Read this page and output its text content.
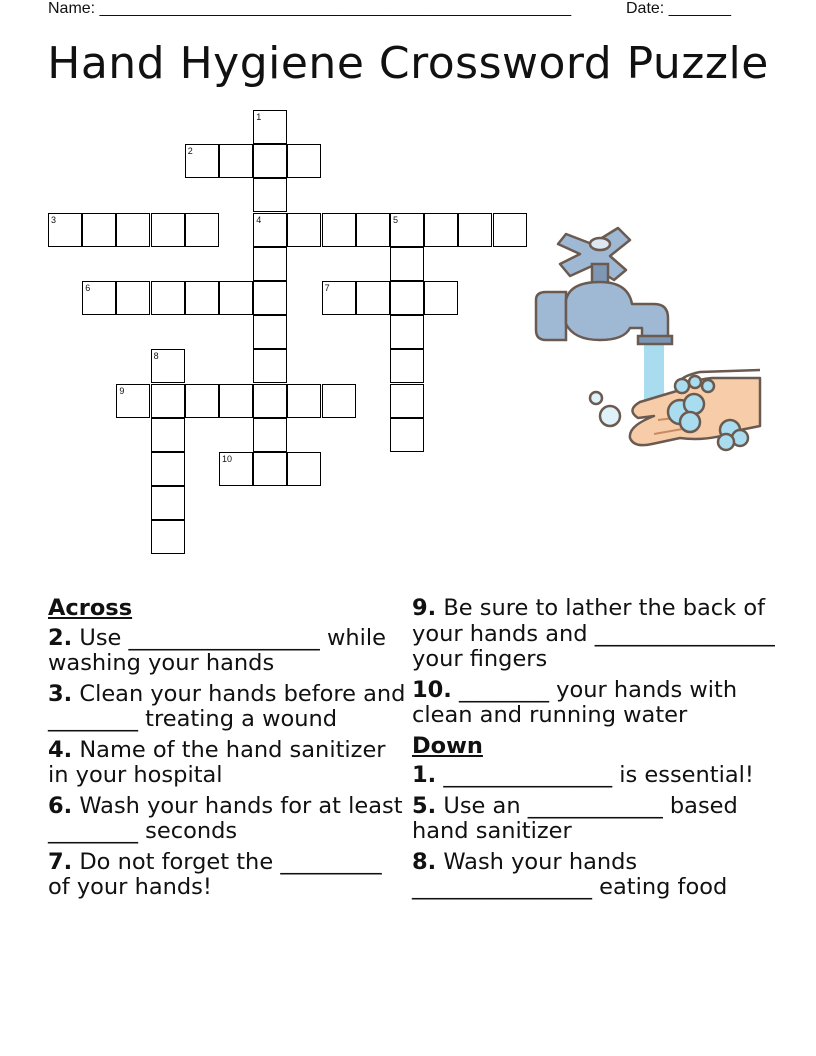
Name: _____________________________________________________	Date: _______
Hand Hygiene Crossword Puzzle
1
2
3	4	5
6	7
8
9
10
Across
2. Use _________________ while washing your hands
3. Clean your hands before and ________ treating a wound
4. Name of the hand sanitizer in your hospital
6. Wash your hands for at least ________ seconds
7. Do not forget the _________ of your hands!
9. Be sure to lather the back of your hands and ________________ your fingers
10. ________ your hands with clean and running water
Down
1. _______________ is essential!
5. Use an ____________ based hand sanitizer
8. Wash your hands ________________ eating food
